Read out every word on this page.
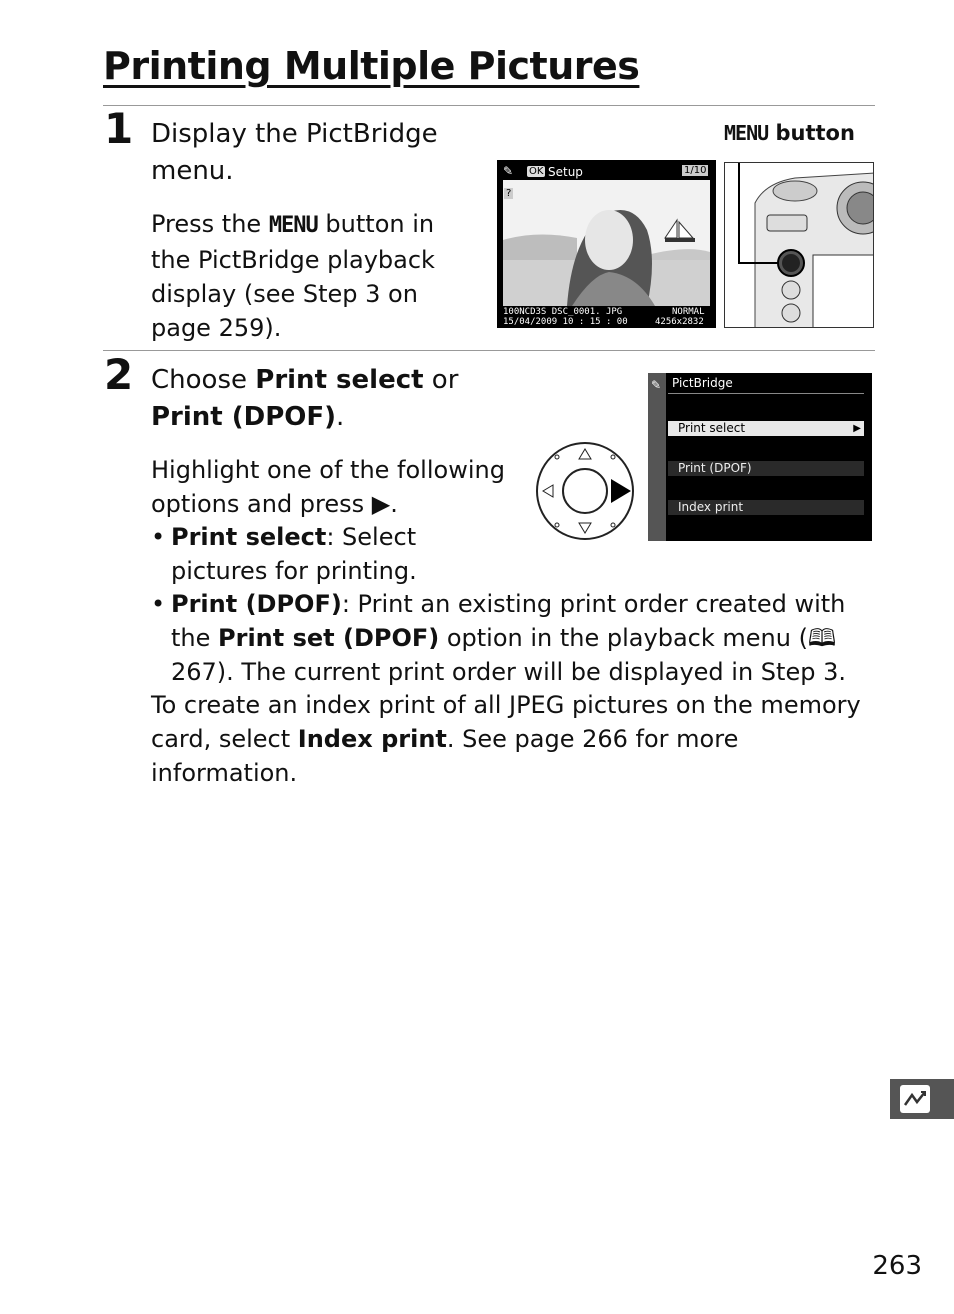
Printing Multiple Pictures
1 Display the PictBridge menu.
Press the MENU button in the PictBridge playback display (see Step 3 on page 259).
✎ OK Setup	1/10
?
100NCD3S DSC_0001. JPG	NORMAL
15/04/2009 10 : 15 : 00	4256x2832
MENU button
2 Choose Print select or Print (DPOF).
Highlight one of the following options and press ▶.
✎ PictBridge
Print select	▶
Print (DPOF)
Index print
• Print select: Select pictures for printing.
• Print (DPOF): Print an existing print order created with the Print set (DPOF) option in the playback menu (🕮 267). The current print order will be displayed in Step 3.
To create an index print of all JPEG pictures on the memory card, select Index print. See page 266 for more information.
263
